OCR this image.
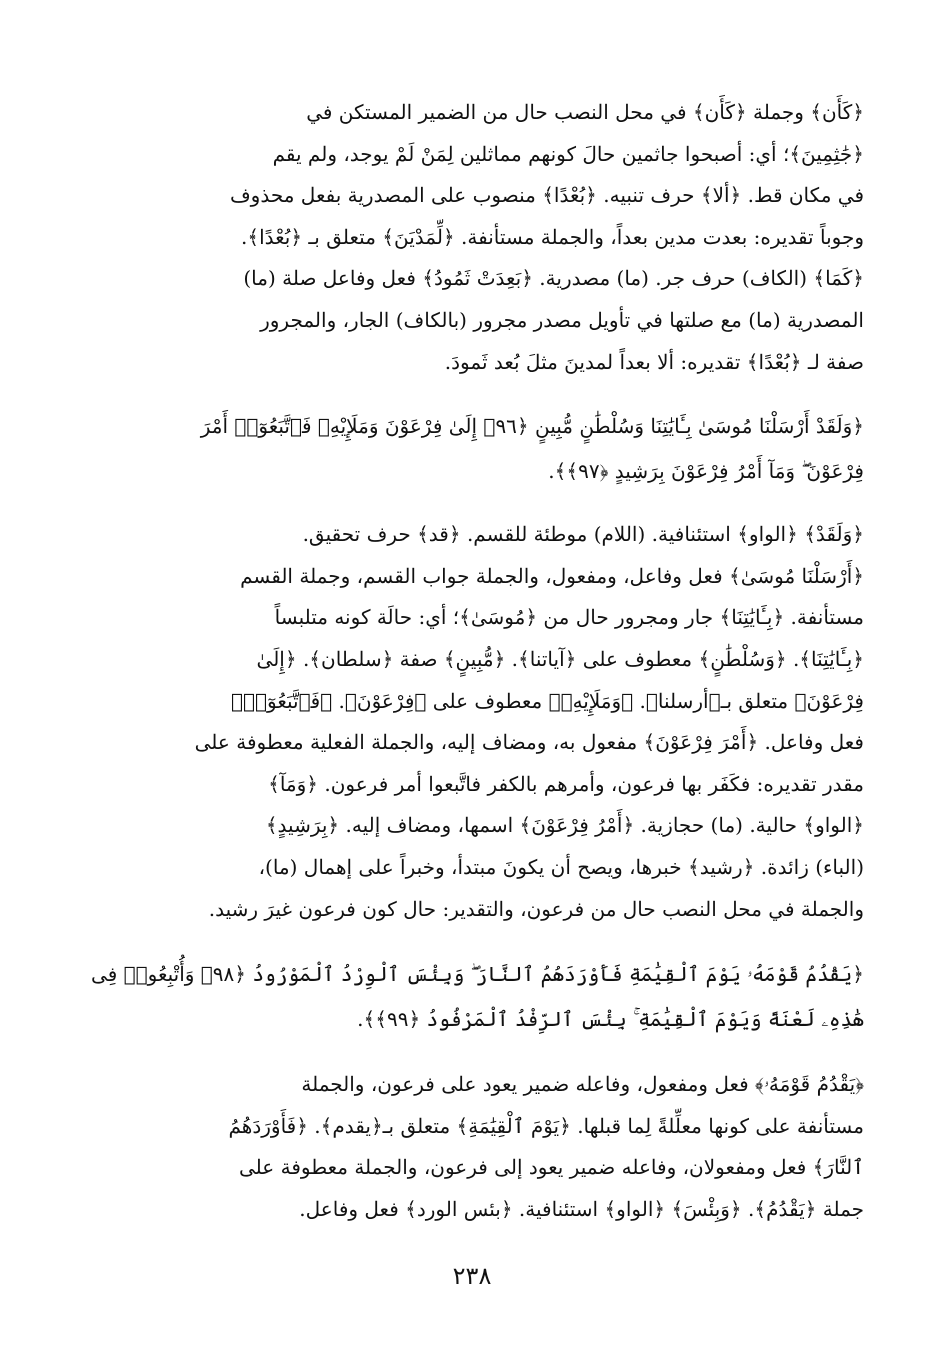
﴿كَأَن﴾ وجملة ﴿كَأَن﴾ في محل النصب حال من الضمير المستكن في
﴿جَٰثِمِينَ﴾؛ أي: أصبحوا جاثمين حالَ كونهم مماثلين لِمَنْ لَمْ يوجد، ولم يقم
في مكان قط. ﴿ألا﴾ حرف تنبيه. ﴿بُعْدًا﴾ منصوب على المصدرية بفعل محذوف
وجوباً تقديره: بعدت مدين بعداً، والجملة مستأنفة. ﴿لِّمَدْيَنَ﴾ متعلق بـ ﴿بُعْدًا﴾.
﴿كَمَا﴾ (الكاف) حرف جر. (ما) مصدرية. ﴿بَعِدَتْ ثَمُودُ﴾ فعل وفاعل صلة (ما)
المصدرية (ما) مع صلتها في تأويل مصدر مجرور (بالكاف) الجار، والمجرور
صفة لـ ﴿بُعْدًا﴾ تقديره: ألا بعداً لمدينَ مثلَ بُعد ثَمودَ.
﴿وَلَقَدْ أَرْسَلْنَا مُوسَىٰ بِـَٔايَٰتِنَا وَسُلْطَٰنٍ مُّبِينٍ ﴿٩٦﴾ إِلَىٰ فِرْعَوْنَ وَمَلَإِيْهِۦ فَٱتَّبَعُوٓا۟ أَمْرَ
فِرْعَوْنَ ۖ وَمَآ أَمْرُ فِرْعَوْنَ بِرَشِيدٍ ﴿٩٧﴾﴾.
﴿وَلَقَدْ﴾ ﴿الواو﴾ استئنافية. (اللام) موطئة للقسم. ﴿قد﴾ حرف تحقيق.
﴿أَرْسَلْنَا مُوسَىٰ﴾ فعل وفاعل، ومفعول، والجملة جواب القسم، وجملة القسم
مستأنفة. ﴿بِـَٔايَٰتِنَا﴾ جار ومجرور حال من ﴿مُوسَىٰ﴾؛ أي: حالَة كونه متلبساً
﴿بِـَٔايَٰتِنَا﴾. ﴿وَسُلْطَٰنٍ﴾ معطوف على ﴿آياتنا﴾. ﴿مُّبِينٍ﴾ صفة ﴿سلطان﴾. ﴿إِلَىٰ
فِرْعَوْنَ﴾ متعلق بـ﴿أرسلنا﴾. ﴿وَمَلَإِيْهِۦ﴾ معطوف على ﴿فِرْعَوْنَ﴾. ﴿فَٱتَّبَعُوٓا۟﴾
فعل وفاعل. ﴿أَمْرَ فِرْعَوْنَ﴾ مفعول به، ومضاف إليه، والجملة الفعلية معطوفة على
مقدر تقديره: فكَفَر بها فرعون، وأمرهم بالكفر فاتَّبعوا أمر فرعون. ﴿وَمَآ﴾
﴿الواو﴾ حالية. (ما) حجازية. ﴿أَمْرُ فِرْعَوْنَ﴾ اسمها، ومضاف إليه. ﴿بِرَشِيدٍ﴾
(الباء) زائدة. ﴿رشيد﴾ خبرها، ويصح أن يكونَ مبتدأ، وخبراً على إهمال (ما)،
والجملة في محل النصب حال من فرعون، والتقدير: حال كون فرعون غيرَ رشيد.
﴿يَقْدُمُ قَوْمَهُۥ يَوْمَ ٱلْقِيَٰمَةِ فَأَوْرَدَهُمُ ٱلنَّارَ ۖ وَبِئْسَ ٱلْوِرْدُ ٱلْمَوْرُودُ ﴿٩٨﴾ وَأُتْبِعُوا۟ فِى
هَٰذِهِۦ لَعْنَةً وَيَوْمَ ٱلْقِيَٰمَةِ ۚ بِئْسَ ٱلرِّفْدُ ٱلْمَرْفُودُ ﴿٩٩﴾﴾.
﴿يَقْدُمُ قَوْمَهُۥ﴾ فعل ومفعول، وفاعله ضمير يعود على فرعون، والجملة
مستأنفة على كونها معلِّلةً لِما قبلها. ﴿يَوْمَ ٱلْقِيَٰمَةِ﴾ متعلق بـ﴿يقدم﴾. ﴿فَأَوْرَدَهُمُ
ٱلنَّارَ﴾ فعل ومفعولان، وفاعله ضمير يعود إلى فرعون، والجملة معطوفة على
جملة ﴿يَقْدُمُ﴾. ﴿وَبِئْسَ﴾ ﴿الواو﴾ استئنافية. ﴿بئس الورد﴾ فعل وفاعل.
٢٣٨
